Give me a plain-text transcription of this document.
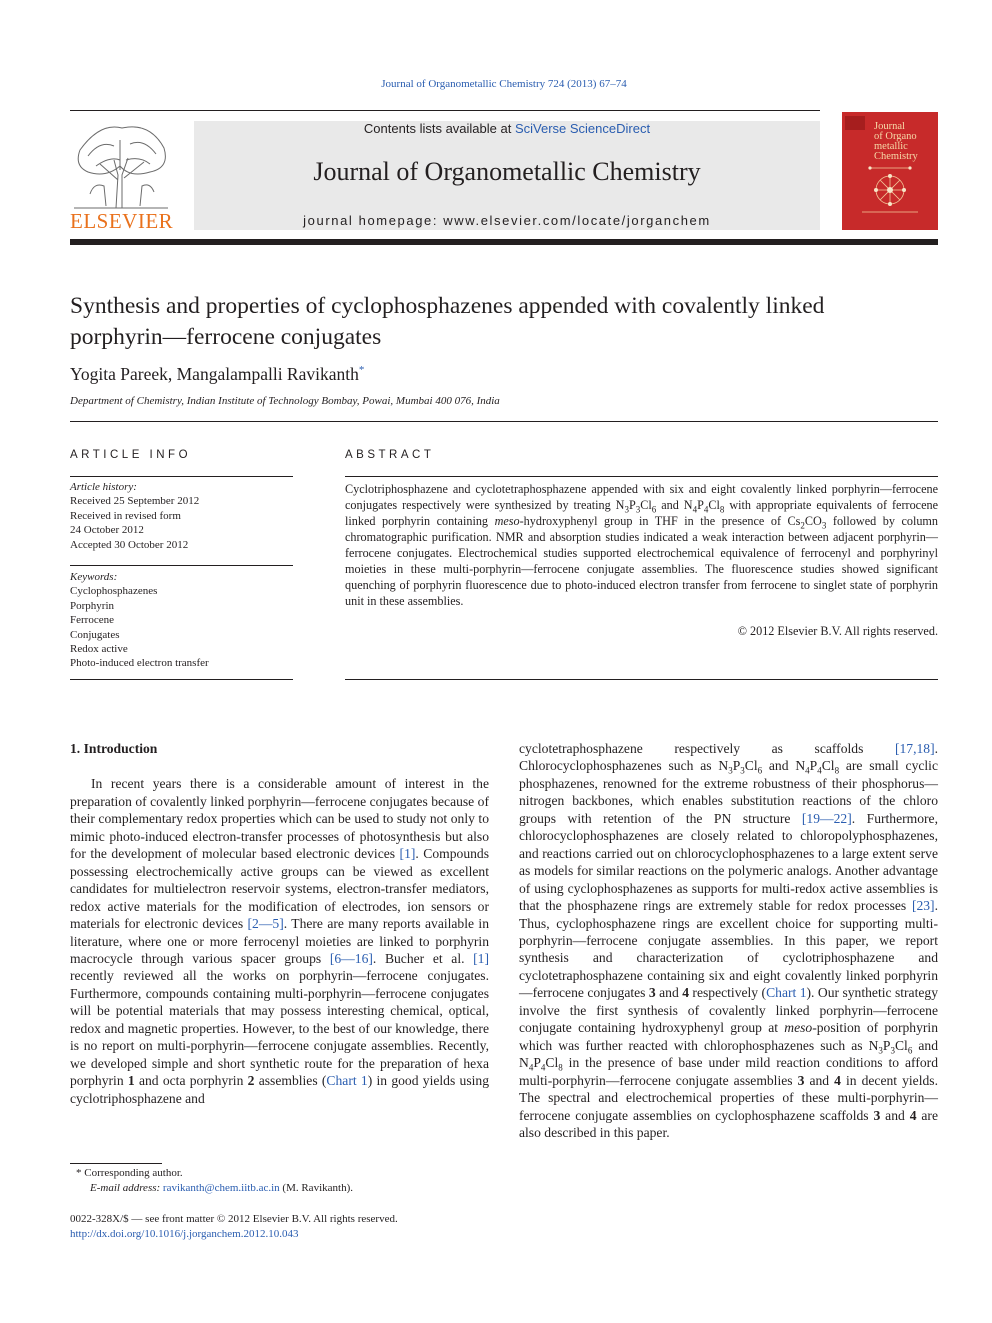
Journal of Organometallic Chemistry 724 (2013) 67–74
ELSEVIER
Contents lists available at SciVerse ScienceDirect
Journal of Organometallic Chemistry
journal homepage: www.elsevier.com/locate/jorganchem
Journal
of Organo
metallic
Chemistry
Synthesis and properties of cyclophosphazenes appended with covalently linked
porphyrin—ferrocene conjugates
Yogita Pareek, Mangalampalli Ravikanth*
Department of Chemistry, Indian Institute of Technology Bombay, Powai, Mumbai 400 076, India
ARTICLE INFO
Article history:
Received 25 September 2012
Received in revised form
24 October 2012
Accepted 30 October 2012
Keywords:
Cyclophosphazenes
Porphyrin
Ferrocene
Conjugates
Redox active
Photo-induced electron transfer
ABSTRACT
Cyclotriphosphazene and cyclotetraphosphazene appended with six and eight covalently linked porphyrin—ferrocene conjugates respectively were synthesized by treating $N_3P_3Cl_6$ and $N_4P_4Cl_8$ with appropriate equivalents of ferrocene linked porphyrin containing meso-hydroxyphenyl group in THF in the presence of $Cs_2CO_3$ followed by column chromatographic purification. NMR and absorption studies indicated a weak interaction between adjacent porphyrin—ferrocene conjugates. Electrochemical studies supported electrochemical equivalence of ferrocenyl and porphyrinyl moieties in these multi-porphyrin—ferrocene conjugate assemblies. The fluorescence studies showed significant quenching of porphyrin fluorescence due to photo-induced electron transfer from ferrocene to singlet state of porphyrin unit in these assemblies.
© 2012 Elsevier B.V. All rights reserved.

1. Introduction

In recent years there is a considerable amount of interest in the preparation of covalently linked porphyrin—ferrocene conjugates because of their complementary redox properties which can be used to study not only to mimic photo-induced electron-transfer processes of photosynthesis but also for the development of molecular based electronic devices [1]. Compounds possessing electrochemically active groups can be viewed as excellent candidates for multielectron reservoir systems, electron-transfer mediators, redox active materials for the modification of electrodes, ion sensors or materials for electronic devices [2—5]. There are many reports available in literature, where one or more ferrocenyl moieties are linked to porphyrin macrocycle through various spacer groups [6—16]. Bucher et al. [1] recently reviewed all the works on porphyrin—ferrocene conjugates. Furthermore, compounds containing multi-porphyrin—ferrocene conjugates will be potential materials that may possess interesting chemical, optical, redox and magnetic properties. However, to the best of our knowledge, there is no report on multi-porphyrin—ferrocene conjugate assemblies. Recently, we developed simple and short synthetic route for the preparation of hexa porphyrin 1 and octa porphyrin 2 assemblies (Chart 1) in good yields using cyclotriphosphazene and

cyclotetraphosphazene respectively as scaffolds [17,18]. Chlorocyclophosphazenes such as $N_3P_3Cl_6$ and $N_4P_4Cl_8$ are small cyclic phosphazenes, renowned for the extreme robustness of their phosphorus—nitrogen backbones, which enables substitution reactions of the chloro groups with retention of the PN structure [19—22]. Furthermore, chlorocyclophosphazenes are closely related to chloropolyphosphazenes, and reactions carried out on chlorocyclophosphazenes to a large extent serve as models for similar reactions on the polymeric analogs. Another advantage of using cyclophosphazenes as supports for multi-redox active assemblies is that the phosphazene rings are extremely stable for redox processes [23]. Thus, cyclophosphazene rings are excellent choice for supporting multi-porphyrin—ferrocene conjugate assemblies. In this paper, we report synthesis and characterization of cyclotriphosphazene and cyclotetraphosphazene containing six and eight covalently linked porphyrin—ferrocene conjugates 3 and 4 respectively (Chart 1). Our synthetic strategy involve the first synthesis of covalently linked porphyrin—ferrocene conjugate containing hydroxyphenyl group at meso-position of porphyrin which was further reacted with chlorophosphazenes such as $N_3P_3Cl_6$ and $N_4P_4Cl_8$ in the presence of base under mild reaction conditions to afford multi-porphyrin—ferrocene conjugate assemblies 3 and 4 in decent yields. The spectral and electrochemical properties of these multi-porphyrin—ferrocene conjugate assemblies on cyclophosphazene scaffolds 3 and 4 are also described in this paper.

* Corresponding author.
E-mail address: ravikanth@chem.iitb.ac.in (M. Ravikanth).
0022-328X/$ — see front matter © 2012 Elsevier B.V. All rights reserved.
http://dx.doi.org/10.1016/j.jorganchem.2012.10.043
